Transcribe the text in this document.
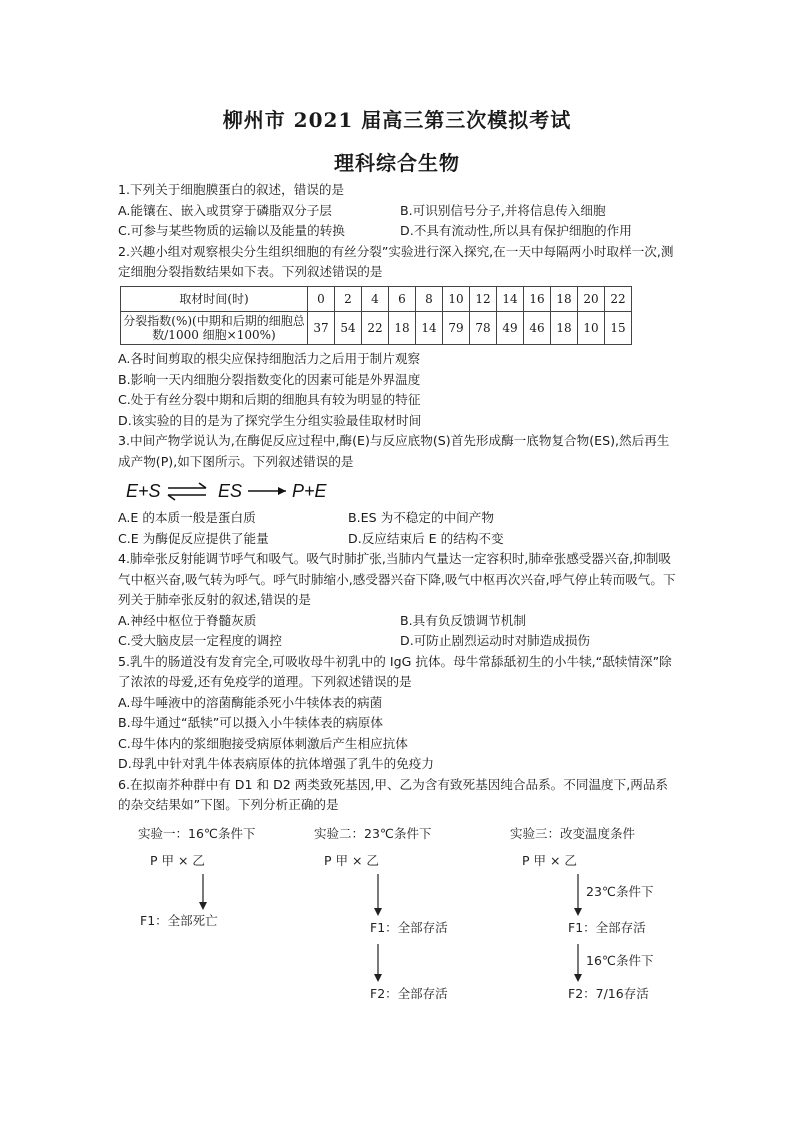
柳州市 2021 届高三第三次模拟考试
理科综合生物
1.下列关于细胞膜蛋白的叙述，错误的是
A.能镶在、嵌入或贯穿于磷脂双分子层	B.可识别信号分子,并将信息传入细胞
C.可参与某些物质的运输以及能量的转换	D.不具有流动性,所以具有保护细胞的作用
2.兴趣小组对观察根尖分生组织细胞的有丝分裂”实验进行深入探究,在一天中每隔两小时取样一次,测定细胞分裂指数结果如下表。下列叙述错误的是
取材时间(时)	0	2	4	6	8	10	12	14	16	18	20	22
分裂指数(%)(中期和后期的细胞总数/1000 细胞×100%)	37	54	22	18	14	79	78	49	46	18	10	15
A.各时间剪取的根尖应保持细胞活力之后用于制片观察
B.影响一天内细胞分裂指数变化的因素可能是外界温度
C.处于有丝分裂中期和后期的细胞具有较为明显的特征
D.该实验的目的是为了探究学生分组实验最佳取材时间
3.中间产物学说认为,在酶促反应过程中,酶(E)与反应底物(S)首先形成酶一底物复合物(ES),然后再生成产物(P),如下图所示。下列叙述错误的是
E+S	ES	P+E
A.E 的本质一般是蛋白质	B.ES 为不稳定的中间产物
C.E 为酶促反应提供了能量	D.反应结束后 E 的结构不变
4.肺牵张反射能调节呼气和吸气。吸气时肺扩张,当肺内气量达一定容积时,肺牵张感受器兴奋,抑制吸气中枢兴奋,吸气转为呼气。呼气时肺缩小,感受器兴奋下降,吸气中枢再次兴奋,呼气停止转而吸气。下列关于肺牵张反射的叙述,错误的是
A.神经中枢位于脊髓灰质	B.具有负反馈调节机制
C.受大脑皮层一定程度的调控	D.可防止剧烈运动时对肺造成损伤
5.乳牛的肠道没有发育完全,可吸收母牛初乳中的 IgG 抗体。母牛常舔舐初生的小牛犊,“舐犊情深”除了浓浓的母爱,还有免疫学的道理。下列叙述错误的是
A.母牛唾液中的溶菌酶能杀死小牛犊体表的病菌
B.母牛通过“舐犊”可以摄入小牛犊体表的病原体
C.母牛体内的浆细胞接受病原体刺激后产生相应抗体
D.母乳中针对乳牛体表病原体的抗体增强了乳牛的免疫力
6.在拟南芥种群中有 D1 和 D2 两类致死基因,甲、乙为含有致死基因纯合品系。不同温度下,两品系的杂交结果如”下图。下列分析正确的是
实验一：16℃条件下
P 甲 × 乙
F1：全部死亡
实验二：23℃条件下
P 甲 × 乙
F1：全部存活
F2：全部存活
实验三：改变温度条件
P 甲 × 乙
23℃条件下
F1：全部存活
16℃条件下
F2：7/16存活
